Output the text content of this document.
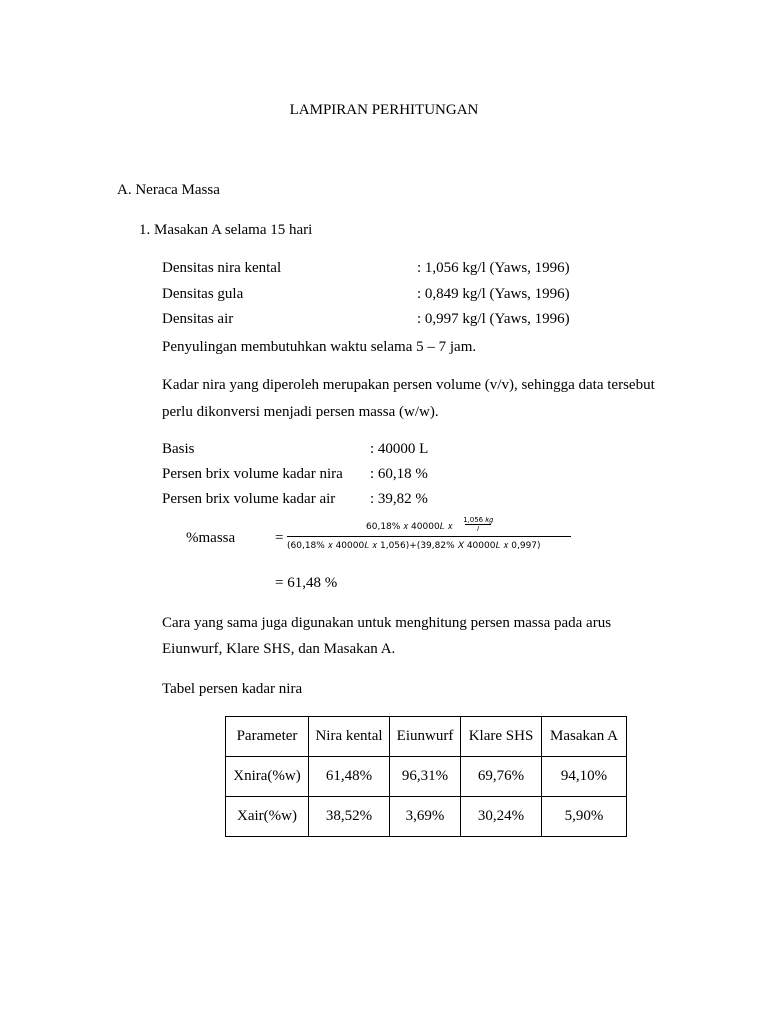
LAMPIRAN PERHITUNGAN
A. Neraca Massa
1. Masakan A selama 15 hari
Densitas nira kental	: 1,056 kg/l (Yaws, 1996)
Densitas gula	: 0,849 kg/l (Yaws, 1996)
Densitas air	: 0,997 kg/l (Yaws, 1996)
Penyulingan membutuhkan waktu selama 5 – 7 jam.
Kadar nira yang diperoleh merupakan persen volume (v/v), sehingga data tersebut
perlu dikonversi menjadi persen massa (w/w).
Basis	: 40000 L
Persen brix volume kadar nira : 60,18 %
Persen brix volume kadar air : 39,82 %
%massa	=
60,18% 𝑥 40000𝐿 𝑥
1,056 𝑘𝑔
𝑙
(60,18% 𝑥 40000𝐿 𝑥 1,056)+(39,82% 𝑋 40000𝐿 𝑥 0,997)
= 61,48 %
Cara yang sama juga digunakan untuk menghitung persen massa pada arus
Eiunwurf, Klare SHS, dan Masakan A.
Tabel persen kadar nira
Parameter	Nira kental	Eiunwurf	Klare SHS	Masakan A
Xnira(%w)	61,48%	96,31%	69,76%	94,10%
Xair(%w)	38,52%	3,69%	30,24%	5,90%
